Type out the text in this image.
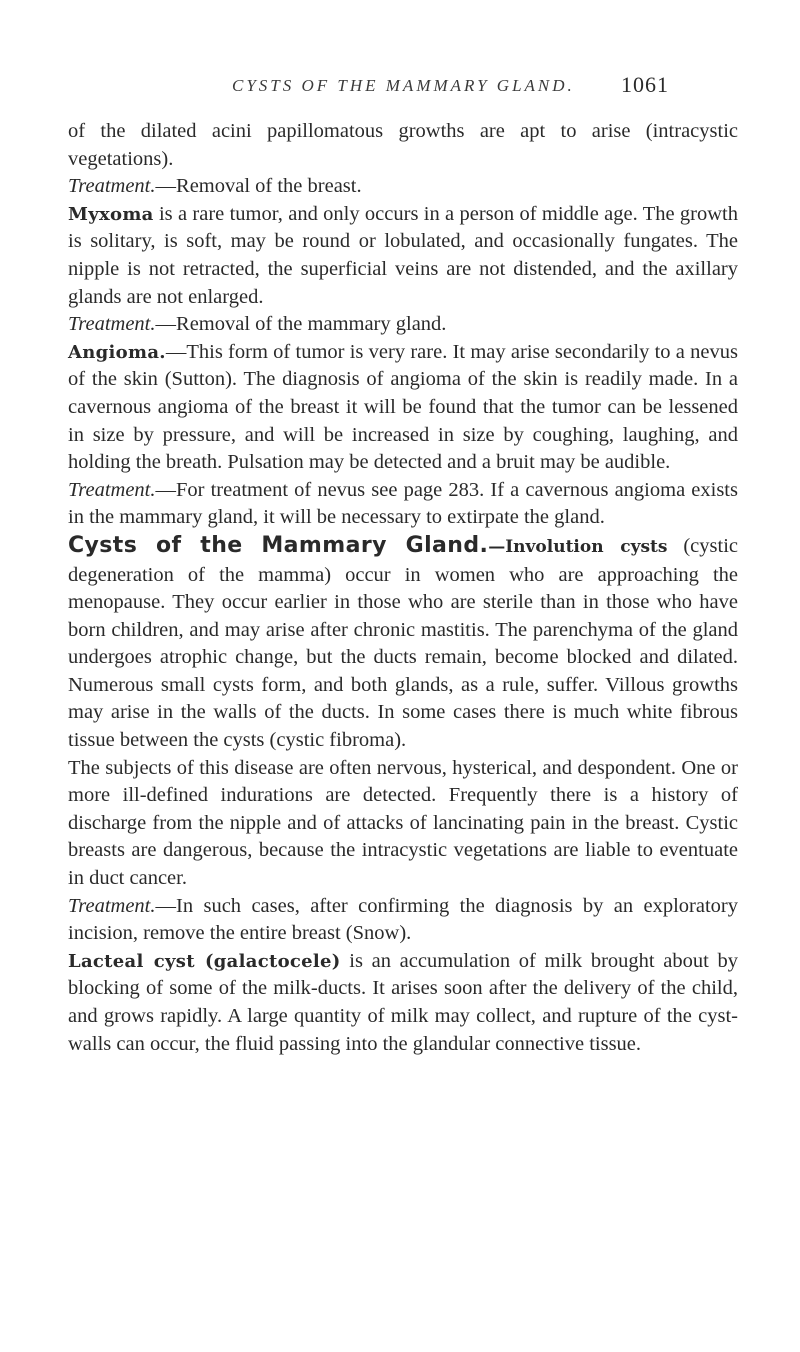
CYSTS OF THE MAMMARY GLAND. 1061

of the dilated acini papillomatous growths are apt to arise (intracystic vegetations).

Treatment.—Removal of the breast.

Myxoma is a rare tumor, and only occurs in a person of middle age. The growth is solitary, is soft, may be round or lobulated, and occasionally fungates. The nipple is not retracted, the superficial veins are not distended, and the axillary glands are not enlarged.

Treatment.—Removal of the mammary gland.

Angioma.—This form of tumor is very rare. It may arise secondarily to a nevus of the skin (Sutton). The diagnosis of angioma of the skin is readily made. In a cavernous angioma of the breast it will be found that the tumor can be lessened in size by pressure, and will be increased in size by coughing, laughing, and holding the breath. Pulsation may be detected and a bruit may be audible.

Treatment.—For treatment of nevus see page 283. If a cavernous angioma exists in the mammary gland, it will be necessary to extirpate the gland.

Cysts of the Mammary Gland.—Involution cysts (cystic degeneration of the mamma) occur in women who are approaching the menopause. They occur earlier in those who are sterile than in those who have born children, and may arise after chronic mastitis. The parenchyma of the gland undergoes atrophic change, but the ducts remain, become blocked and dilated. Numerous small cysts form, and both glands, as a rule, suffer. Villous growths may arise in the walls of the ducts. In some cases there is much white fibrous tissue between the cysts (cystic fibroma).

The subjects of this disease are often nervous, hysterical, and despondent. One or more ill-defined indurations are detected. Frequently there is a history of discharge from the nipple and of attacks of lancinating pain in the breast. Cystic breasts are dangerous, because the intracystic vegetations are liable to eventuate in duct cancer.

Treatment.—In such cases, after confirming the diagnosis by an exploratory incision, remove the entire breast (Snow).

Lacteal cyst (galactocele) is an accumulation of milk brought about by blocking of some of the milk-ducts. It arises soon after the delivery of the child, and grows rapidly. A large quantity of milk may collect, and rupture of the cyst-walls can occur, the fluid passing into the glandular connective tissue.
